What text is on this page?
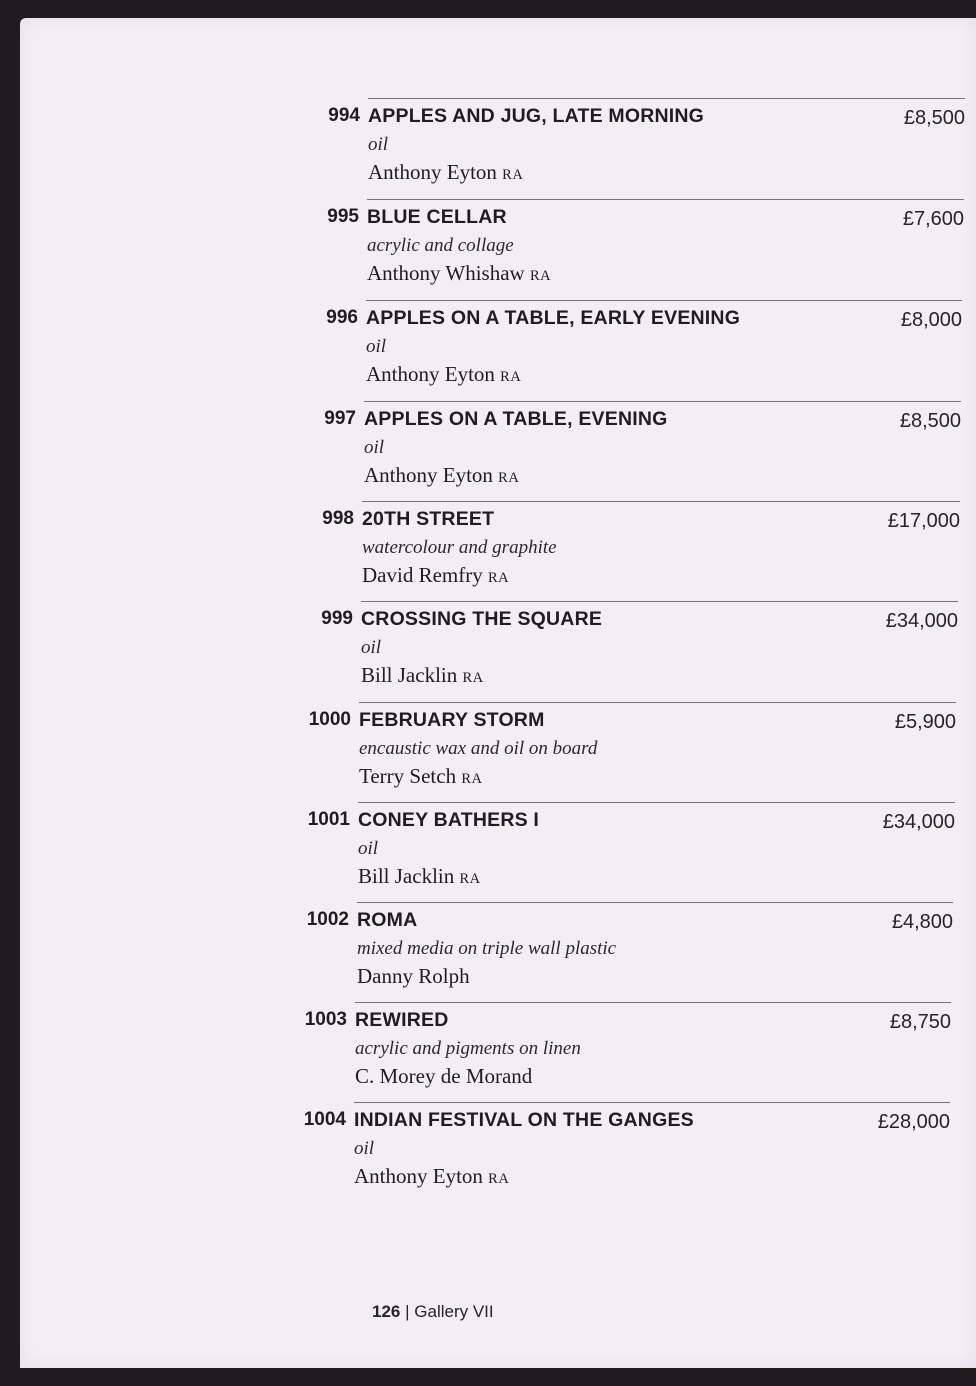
994 APPLES AND JUG, LATE MORNING
oil
Anthony Eyton RA
£8,500
995 BLUE CELLAR
acrylic and collage
Anthony Whishaw RA
£7,600
996 APPLES ON A TABLE, EARLY EVENING
oil
Anthony Eyton RA
£8,000
997 APPLES ON A TABLE, EVENING
oil
Anthony Eyton RA
£8,500
998 20TH STREET
watercolour and graphite
David Remfry RA
£17,000
999 CROSSING THE SQUARE
oil
Bill Jacklin RA
£34,000
1000 FEBRUARY STORM
encaustic wax and oil on board
Terry Setch RA
£5,900
1001 CONEY BATHERS I
oil
Bill Jacklin RA
£34,000
1002 ROMA
mixed media on triple wall plastic
Danny Rolph
£4,800
1003 REWIRED
acrylic and pigments on linen
C. Morey de Morand
£8,750
1004 INDIAN FESTIVAL ON THE GANGES
oil
Anthony Eyton RA
£28,000
126 | Gallery VII
